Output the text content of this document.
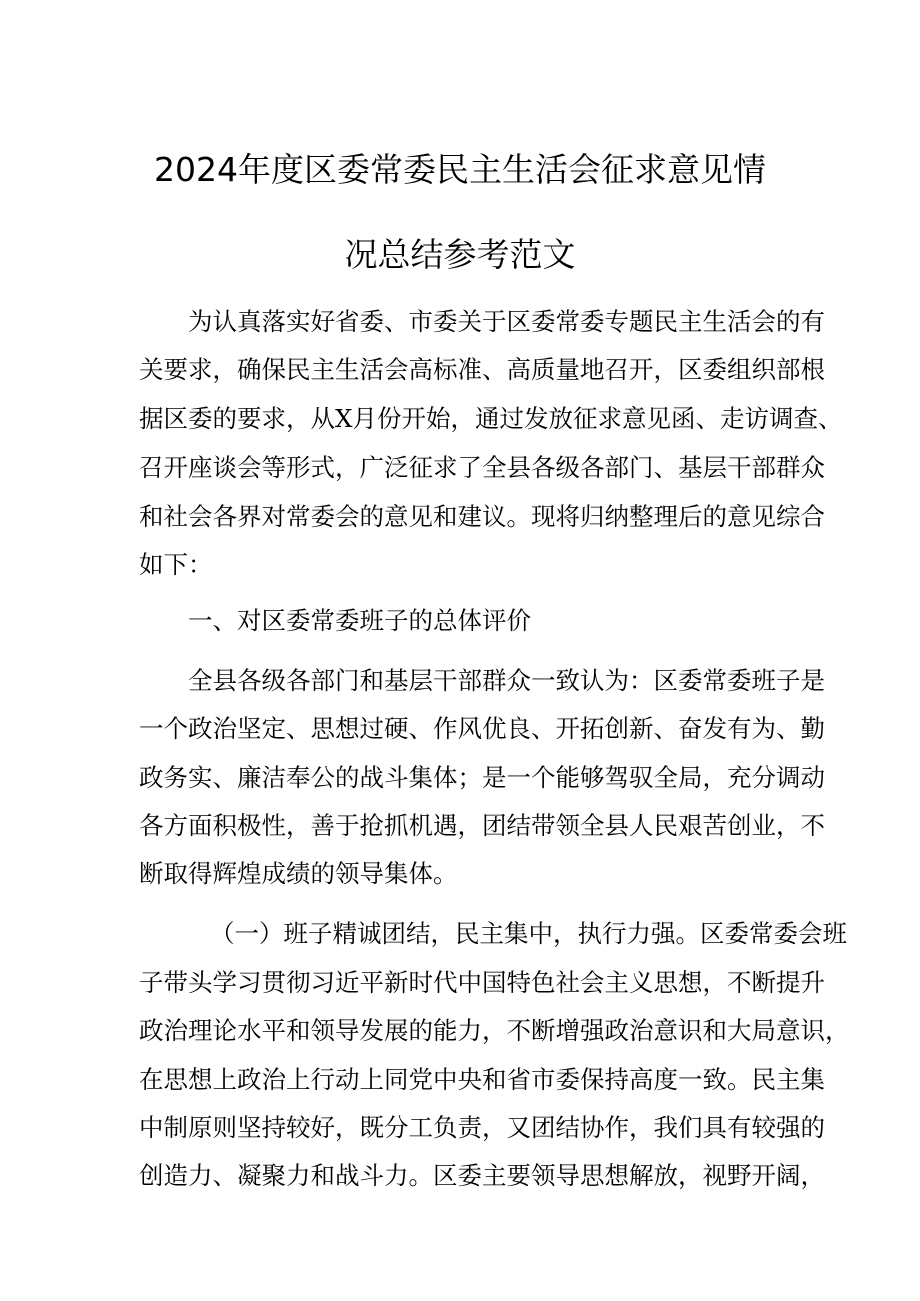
2024年度区委常委民主生活会征求意见情
况总结参考范文
为认真落实好省委、市委关于区委常委专题民主生活会的有
关要求，确保民主生活会高标准、高质量地召开，区委组织部根
据区委的要求，从X月份开始，通过发放征求意见函、走访调查、
召开座谈会等形式，广泛征求了全县各级各部门、基层干部群众
和社会各界对常委会的意见和建议。现将归纳整理后的意见综合
如下：
一、对区委常委班子的总体评价
全县各级各部门和基层干部群众一致认为：区委常委班子是
一个政治坚定、思想过硬、作风优良、开拓创新、奋发有为、勤
政务实、廉洁奉公的战斗集体；是一个能够驾驭全局，充分调动
各方面积极性，善于抢抓机遇，团结带领全县人民艰苦创业，不
断取得辉煌成绩的领导集体。
（一）班子精诚团结，民主集中，执行力强。区委常委会班
子带头学习贯彻习近平新时代中国特色社会主义思想，不断提升
政治理论水平和领导发展的能力，不断增强政治意识和大局意识，
在思想上政治上行动上同党中央和省市委保持高度一致。民主集
中制原则坚持较好，既分工负责，又团结协作，我们具有较强的
创造力、凝聚力和战斗力。区委主要领导思想解放，视野开阔，
